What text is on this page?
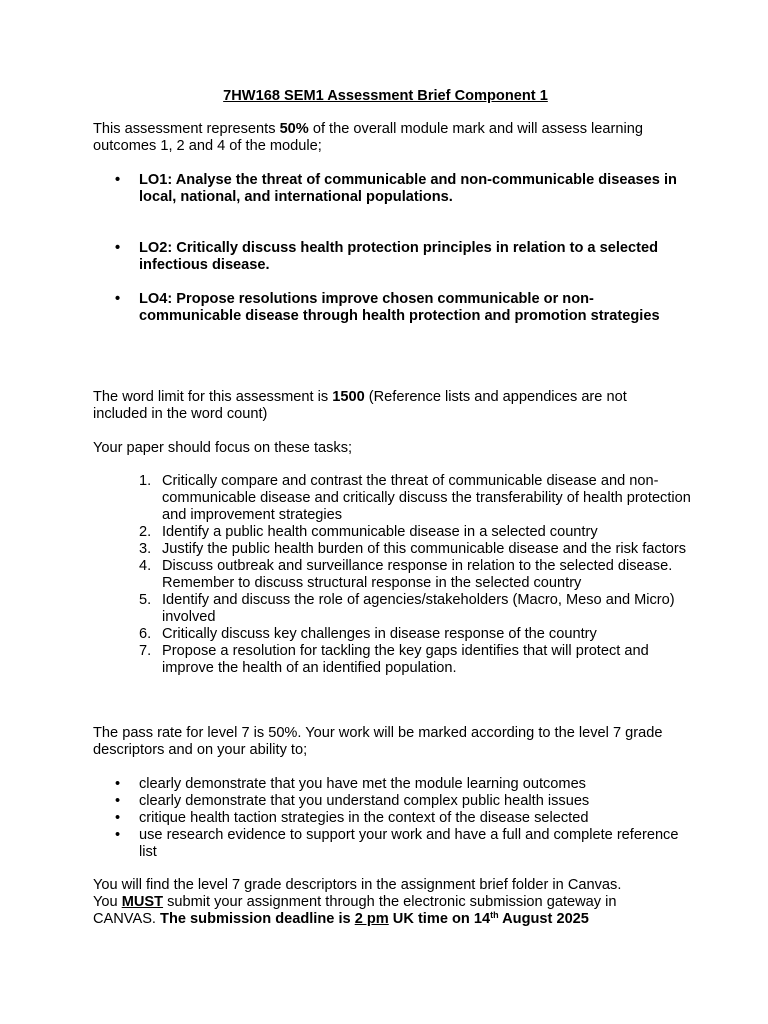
7HW168 SEM1 Assessment Brief Component 1

This assessment represents 50% of the overall module mark and will assess learning outcomes 1, 2 and 4 of the module;

• LO1: Analyse the threat of communicable and non-communicable diseases in local, national, and international populations.
• LO2: Critically discuss health protection principles in relation to a selected infectious disease.
• LO4: Propose resolutions improve chosen communicable or non-communicable disease through health protection and promotion strategies

The word limit for this assessment is 1500 (Reference lists and appendices are not included in the word count)

Your paper should focus on these tasks;

1. Critically compare and contrast the threat of communicable disease and non-communicable disease and critically discuss the transferability of health protection and improvement strategies
2. Identify a public health communicable disease in a selected country
3. Justify the public health burden of this communicable disease and the risk factors
4. Discuss outbreak and surveillance response in relation to the selected disease. Remember to discuss structural response in the selected country
5. Identify and discuss the role of agencies/stakeholders (Macro, Meso and Micro) involved
6. Critically discuss key challenges in disease response of the country
7. Propose a resolution for tackling the key gaps identifies that will protect and improve the health of an identified population.

The pass rate for level 7 is 50%. Your work will be marked according to the level 7 grade descriptors and on your ability to;

• clearly demonstrate that you have met the module learning outcomes
• clearly demonstrate that you understand complex public health issues
• critique health taction strategies in the context of the disease selected
• use research evidence to support your work and have a full and complete reference list

You will find the level 7 grade descriptors in the assignment brief folder in Canvas.
You MUST submit your assignment through the electronic submission gateway in CANVAS. The submission deadline is 2 pm UK time on 14th August 2025
